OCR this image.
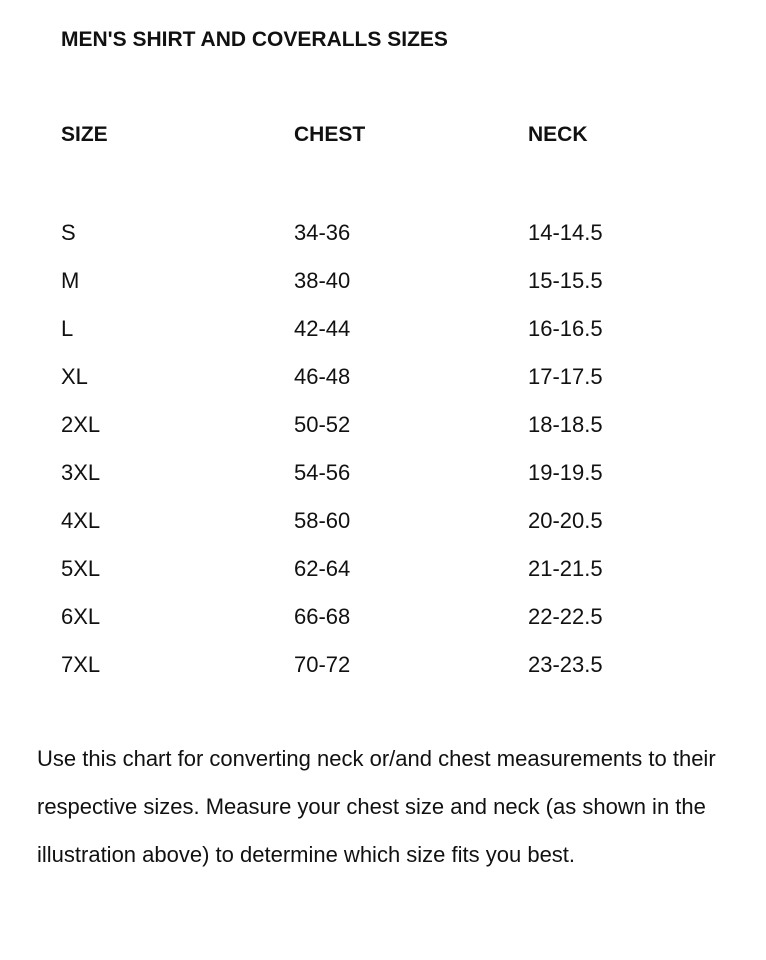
MEN'S SHIRT AND COVERALLS SIZES
SIZE	CHEST	NECK
S	34-36	14-14.5
M	38-40	15-15.5
L	42-44	16-16.5
XL	46-48	17-17.5
2XL	50-52	18-18.5
3XL	54-56	19-19.5
4XL	58-60	20-20.5
5XL	62-64	21-21.5
6XL	66-68	22-22.5
7XL	70-72	23-23.5
Use this chart for converting neck or/and chest measurements to their respective sizes. Measure your chest size and neck (as shown in the illustration above) to determine which size fits you best.
